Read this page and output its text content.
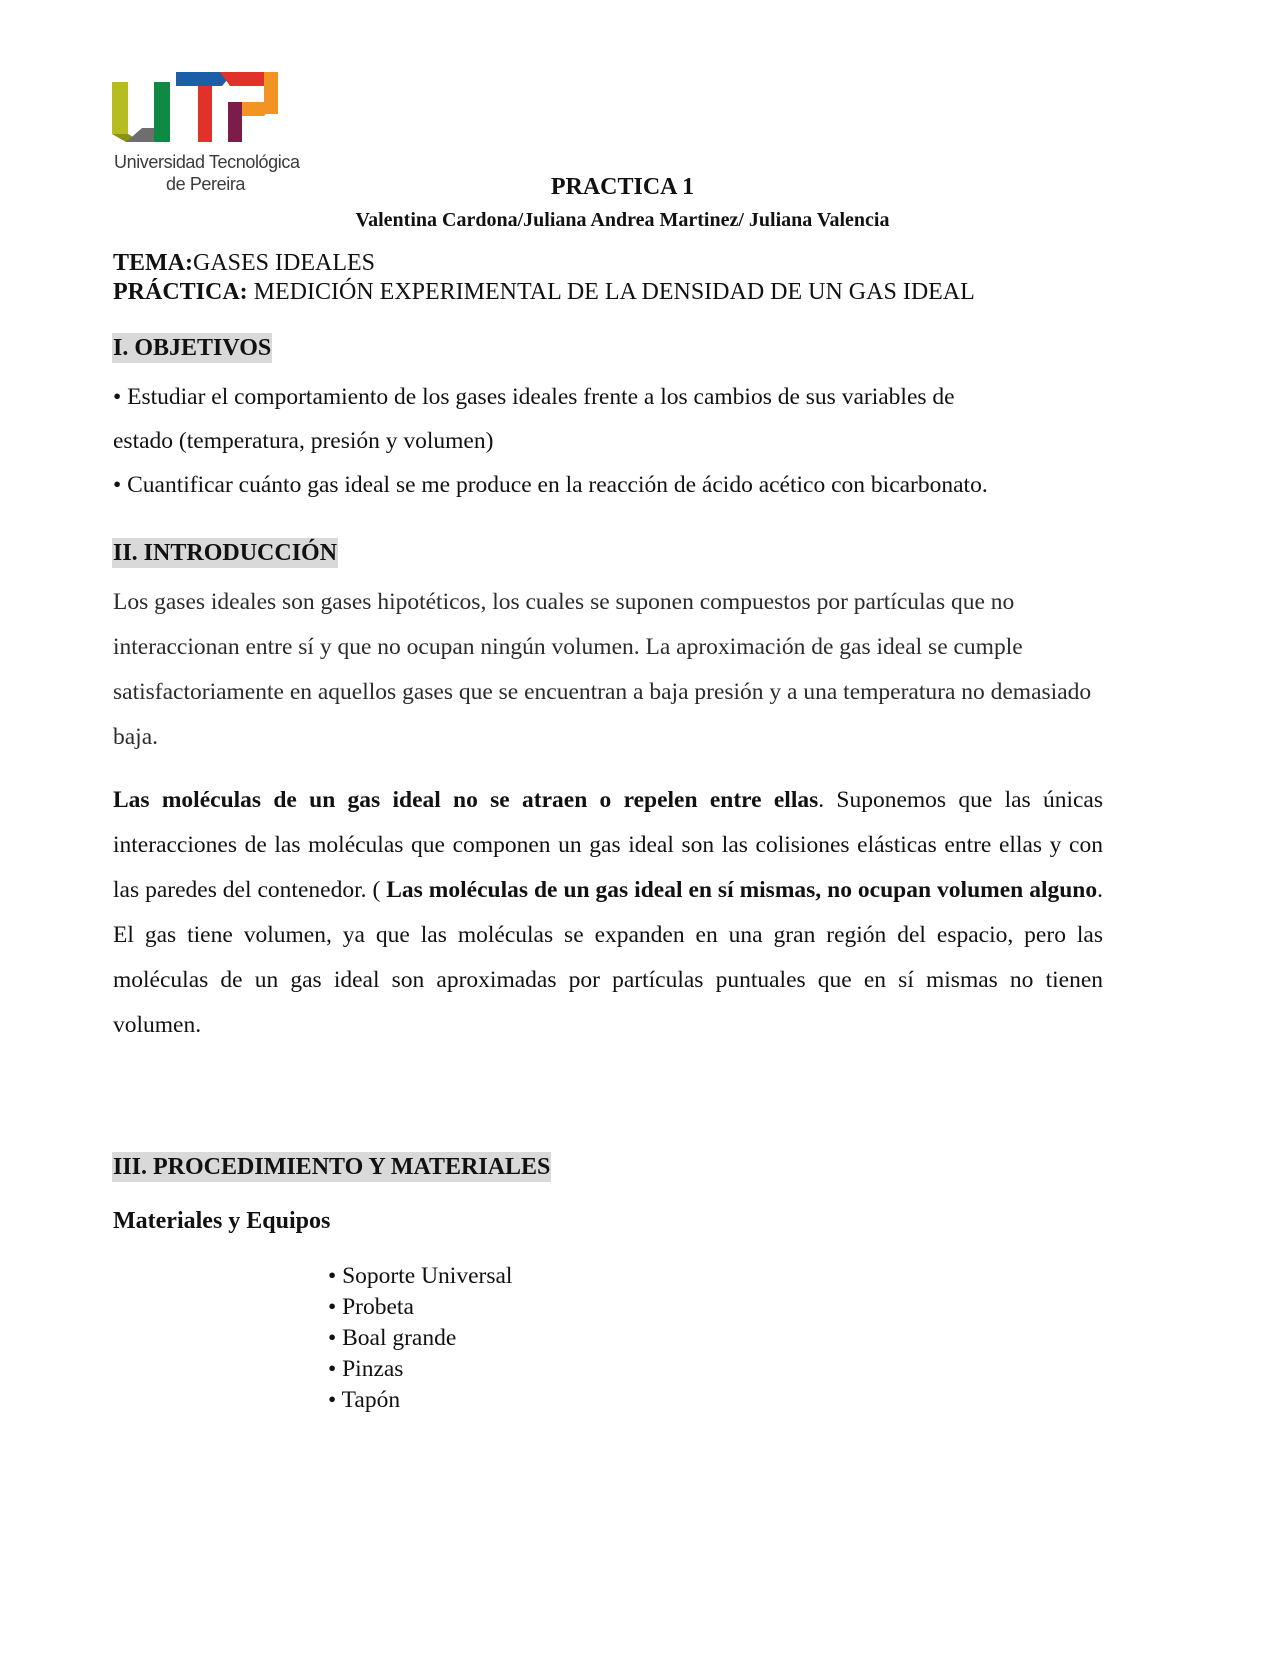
Universidad Tecnológica
de Pereira	PRACTICA 1
Valentina Cardona/Juliana Andrea Martinez/ Juliana Valencia
TEMA:GASES IDEALES
PRÁCTICA: MEDICIÓN EXPERIMENTAL DE LA DENSIDAD DE UN GAS IDEAL
I. OBJETIVOS
• Estudiar el comportamiento de los gases ideales frente a los cambios de sus variables de
estado (temperatura, presión y volumen)
• Cuantificar cuánto gas ideal se me produce en la reacción de ácido acético con bicarbonato.
II. INTRODUCCIÓN
Los gases ideales son gases hipotéticos, los cuales se suponen compuestos por partículas que no interaccionan entre sí y que no ocupan ningún volumen. La aproximación de gas ideal se cumple satisfactoriamente en aquellos gases que se encuentran a baja presión y a una temperatura no demasiado baja.
Las moléculas de un gas ideal no se atraen o repelen entre ellas. Suponemos que las únicas interacciones de las moléculas que componen un gas ideal son las colisiones elásticas entre ellas y con las paredes del contenedor. ( Las moléculas de un gas ideal en sí mismas, no ocupan volumen alguno. El gas tiene volumen, ya que las moléculas se expanden en una gran región del espacio, pero las moléculas de un gas ideal son aproximadas por partículas puntuales que en sí mismas no tienen volumen.
III. PROCEDIMIENTO Y MATERIALES
Materiales y Equipos
• Soporte Universal
• Probeta
• Boal grande
• Pinzas
• Tapón
